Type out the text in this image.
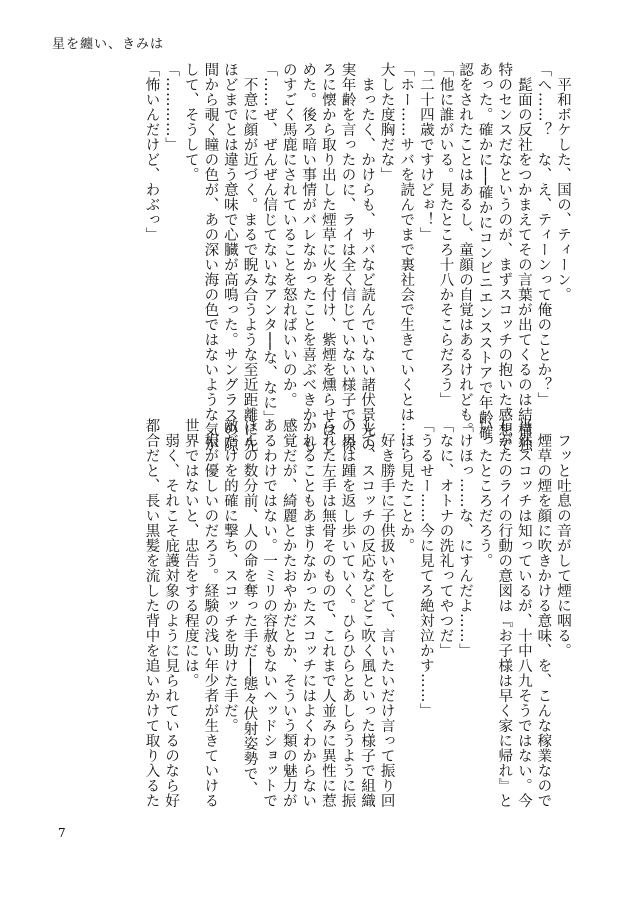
星を纏い、きみは
　平和ボケした、国の、ティーン。
「へ……？　な、え、ティーンって俺のことか？」
　髭面の反社をつかまえてその言葉が出てくるのは結構独
特のセンスだなというのが、まずスコッチの抱いた感想で
あった。確かに──確かにコンビニエンスストアで年齢確
認をされたことはあるし、童顔の自覚はあるけれども。
「他に誰がいる。見たところ十八かそこらだろう」
「二十四歳ですけどぉ！」
「ホー……サバを読んでまで裏社会で生きていくとは……
大した度胸だな」
　まったく、かけらも、サバなど読んでいない諸伏景光の
実年齢を言ったのに、ライは全く信じていない様子で、徐
ろに懐から取り出した煙草に火を付け、紫煙を燻らせはじ
めた。後ろ暗い事情がバレなかったことを喜ぶべきか、も
のすごく馬鹿にされていることを怒ればいいのか。
「……ぜ、ぜんぜん信じてないなアンタ──な、なに」
　不意に顔が近づく。まるで睨み合うような至近距離に先
ほどまでとは違う意味で心臓が高鳴った。サングラスの隙
間から覗く瞳の色が、あの深い海の色ではないような気が
して、そうして。
「…………」
「怖いんだけど、わぶっ」
　フッと吐息の音がして煙に咽る。
　煙草の煙を顔に吹きかける意味、を、こんな稼業なので
当然スコッチは知っているが、十中八九そうではない。今
しがたのライの行動の意図は『お子様は早く家に帰れ』と
いったところだろう。
「けほっ……な、にすんだよ……」
「なに、オトナの洗礼ってやつだ」
「うるせー……今に見てろ絶対泣かす……」
　ほら見たことか。
　好き勝手に子供扱いをして、言いたいだけ言って振り回
して、スコッチの反応などどこ吹く風といった様子で組織
の男は踵を返し歩いていく。ひらひらとあしらうように振
られた左手は無骨そのもので、これまで人並みに異性に惹
かれることもあまりなかったスコッチにはよくわからない
感覚だが、綺麗とかたおやかだとか、そういう類の魅力が
あるわけではない。一ミリの容赦もないヘッドショットで
ほんの数分前、人の命を奪った手だ──態々伏射姿勢で、
敵だけを的確に撃ち、スコッチを助けた手だ。
　根が優しいのだろう。経験の浅い年少者が生きていける
世界ではないと、忠告をする程度には。
　弱く、それこそ庇護対象のように見られているのなら好
都合だと、長い黒髪を流した背中を追いかけて取り入るた
7
